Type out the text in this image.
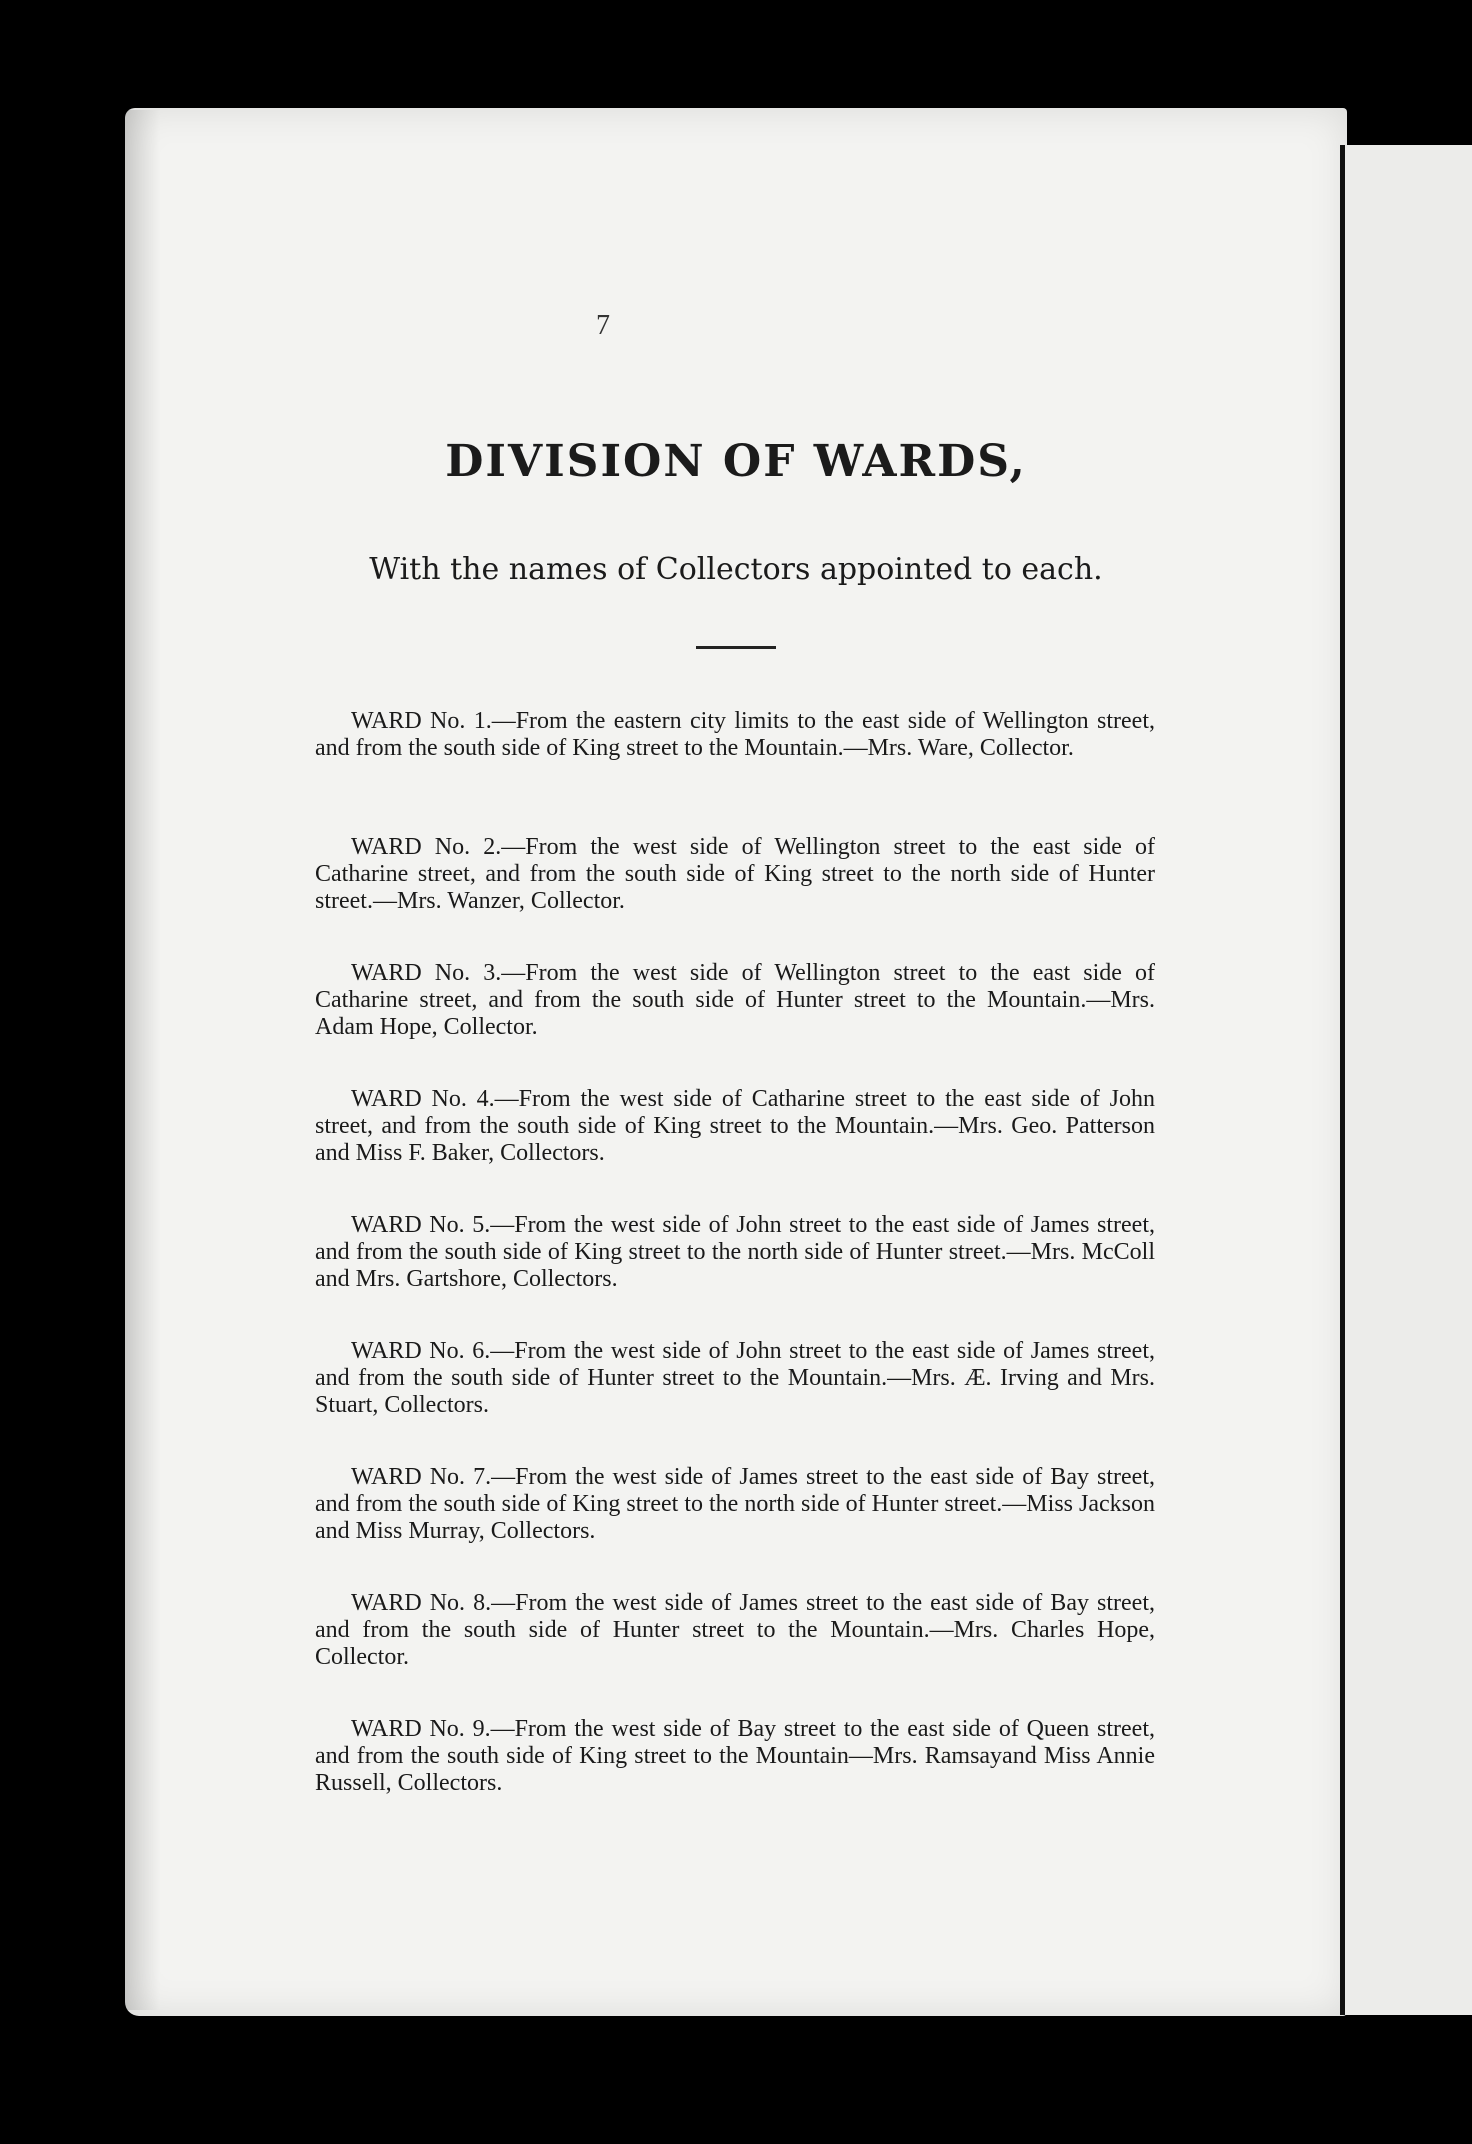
7
DIVISION OF WARDS,
With the names of Collectors appointed to each.

WARD No. 1.—From the eastern city limits to the east side of Wellington street, and from the south side of King street to the Mountain.—Mrs. Ware, Collector.

WARD No. 2.—From the west side of Wellington street to the east side of Catharine street, and from the south side of King street to the north side of Hunter street.—Mrs. Wanzer, Collector.

WARD No. 3.—From the west side of Wellington street to the east side of Catharine street, and from the south side of Hunter street to the Mountain.—Mrs. Adam Hope, Collector.

WARD No. 4.—From the west side of Catharine street to the east side of John street, and from the south side of King street to the Mountain.—Mrs. Geo. Patterson and Miss F. Baker, Collectors.

WARD No. 5.—From the west side of John street to the east side of James street, and from the south side of King street to the north side of Hunter street.—Mrs. McColl and Mrs. Gartshore, Collectors.

WARD No. 6.—From the west side of John street to the east side of James street, and from the south side of Hunter street to the Mountain.—Mrs. Æ. Irving and Mrs. Stuart, Collectors.

WARD No. 7.—From the west side of James street to the east side of Bay street, and from the south side of King street to the north side of Hunter street.—Miss Jackson and Miss Murray, Collectors.

WARD No. 8.—From the west side of James street to the east side of Bay street, and from the south side of Hunter street to the Mountain.—Mrs. Charles Hope, Collector.

WARD No. 9.—From the west side of Bay street to the east side of Queen street, and from the south side of King street to the Mountain—Mrs. Ramsayand Miss Annie Russell, Collectors.
